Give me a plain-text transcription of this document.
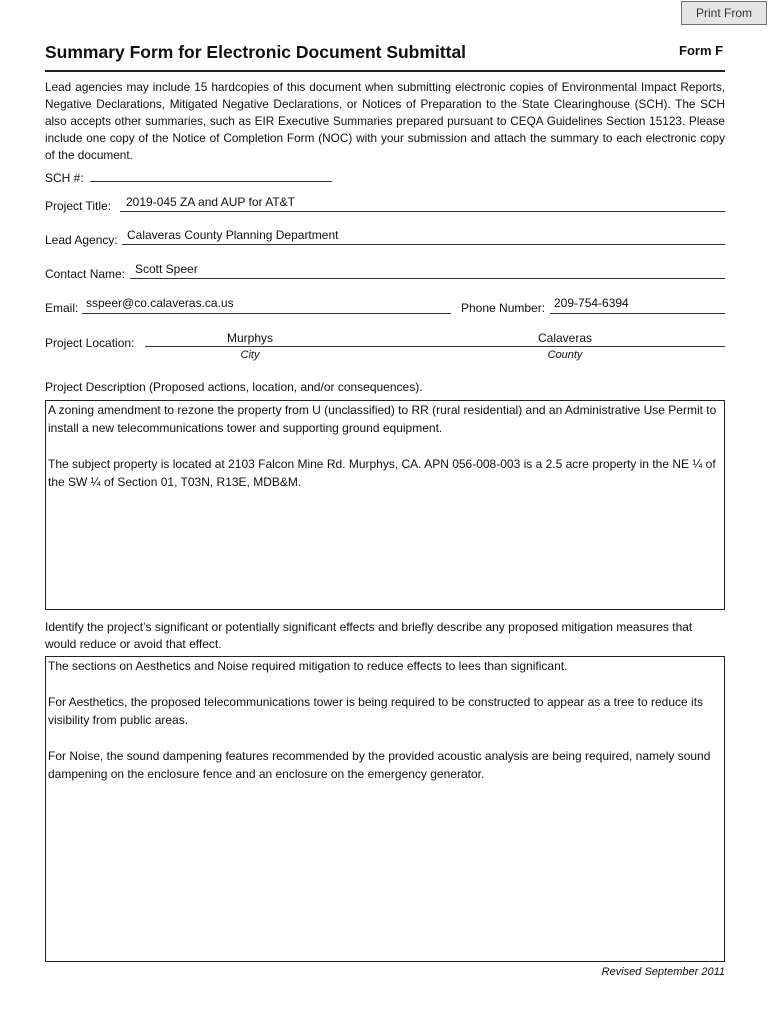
Print From
Summary Form for Electronic Document Submittal	Form F
Lead agencies may include 15 hardcopies of this document when submitting electronic copies of Environmental Impact Reports, Negative Declarations, Mitigated Negative Declarations, or Notices of Preparation to the State Clearinghouse (SCH). The SCH also accepts other summaries, such as EIR Executive Summaries prepared pursuant to CEQA Guidelines Section 15123. Please include one copy of the Notice of Completion Form (NOC) with your submission and attach the summary to each electronic copy of the document.
SCH #:
Project Title: 2019-045 ZA and AUP for AT&T
Lead Agency: Calaveras County Planning Department
Contact Name: Scott Speer
Email: sspeer@co.calaveras.ca.us	Phone Number: 209-754-6394
Project Location:	Murphys
City
Calaveras
County
Project Description (Proposed actions, location, and/or consequences).

A zoning amendment to rezone the property from U (unclassified) to RR (rural residential) and an Administrative Use Permit to install a new telecommunications tower and supporting ground equipment.

The subject property is located at 2103 Falcon Mine Rd. Murphys, CA. APN 056-008-003 is a 2.5 acre property in the NE ¼ of the SW ¼ of Section 01, T03N, R13E, MDB&M.

Identify the project’s significant or potentially significant effects and briefly describe any proposed mitigation measures that would reduce or avoid that effect.

The sections on Aesthetics and Noise required mitigation to reduce effects to lees than significant.

For Aesthetics, the proposed telecommunications tower is being required to be constructed to appear as a tree to reduce its visibility from public areas.

For Noise, the sound dampening features recommended by the provided acoustic analysis are being required, namely sound dampening on the enclosure fence and an enclosure on the emergency generator.

Revised September 2011
